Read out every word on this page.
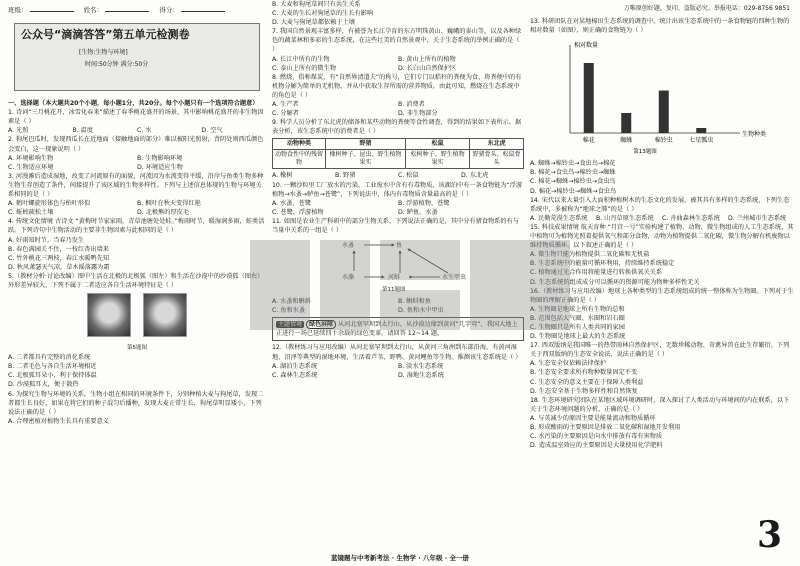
班级：	姓名：	得分：
公众号“滴滴答答”第五单元检测卷
[生物:生物与环境]
时间:50分钟 满分:50分
一、选择题（本大题共20个小题，每小题1分，共20分。每个小题只有一个选项符合题意）
1. 诗词“三月桃花开，冰雪化春来”描述了春季桃花盛开的场景，其中影响桃花盛开的非生物因素是（ ）
A. 光照	B. 温度	C. 水	D. 空气
2. 狗尾巴瓜时，发现西瓜长在近地面（接触地面的部分）难以被阳光照射，背阴处则西瓜颜色会变白，这一现象说明（ ）
A. 环境影响生物	B. 生物影响环境
C. 生物适应环境	D. 环境适应生物
3. 河漫滩后造成湿地，改变了河流原有的面貌，河流因为水流变得平缓，沿岸与鱼类生物多种生物生存创造了条件，间接提升了该区域的生物多样性。下列与上述信息体现的生物与环境关系相同的是（ ）
A. 鹤叶螺旋形体色与柏叶形似	B. 枫叶在秋天变得红艳
C. 蚯蚓疏松土壤	D. 北极熊的厚皮毛
4. 传统文化情境 古诗文 “黄梅时节家家雨，青草池塘处处蛙。”梅雨时节，暖湿润多雨，蛙类活跃。下列诗句中生物活动的主要非生物因素与此相同的是（ ）
A. 好雨知时节，当春乃发生
B. 春色满园关不住，一枝红杏出墙来
C. 竹外桃花三两枝，春江水暖鸭先知
D. 秋风萧瑟天气凉，草木摇落露为霜
5.（教材分析·讨论改编）图中生活在北极的北极狐（图左）和生活在沙漠中的沙漠狐（图右）外形差异较大，下列不属于二者适应各自生活环境特征是（ ）
第5题图
A. 二者都具有完整的消化系统
B. 二者毛色与各自生活环境相近
C. 北极狐耳朵小，利于保持体温
D. 沙漠狐耳大，便于散热
6. 为探究生物与环境的关系，生物小组在相同的环境条件下，分别种植大麦与狗尾草，发现二者都生长良好，如果在将它们的种子混匀后播种，发现大麦正常生长，狗尾草明显矮小，下列说法正确的是（ ）
A. 合理密植对植物生长具有重要意义
B. 大麦和狗尾草间只有共生关系
C. 大麦的生长对狗尾草的生长有影响
D. 大麦与狗尾草都依赖于土壤
7. 我国自然景观丰富多样，有被誉为长江孕育的东方明珠黄山、巍峨的泰山等，以及各种绿色的蔬菜林和多彩的生态系统，在这些壮美的自然景观中，关于生态系统的举例正确的是（ ）
A. 长江中所有的生物	B. 黄山上所有的植物
C. 泰山上所有的微生物	D. 长白山自然保护区
8. 燃烧，俗称煤炭，有“自然界清道夫”的称号，它们专门以秸秆的粪便为食，将粪便中的有机物分解为简单的无机物，并从中获取生存所需的营养物质，由此可知，燃烧在生态系统中的角色是（ ）
A. 生产者	B. 消费者
C. 分解者	D. 非生物部分
9. 科学人员分析了东北虎的储备和某些动物的粪便等食性调查，得到的结果如下表所示。据表分析，该生态系统中的消费者是（ ）
动物种类	野猪	松鼠	东北虎
动物食性中的残留物	橡树种子、昆虫、野生植物果实	松树种子、野生植物果实	野猪骨头、松鼠骨头
A. 橡树	B. 野猪	C. 松鼠	D. 东北虎
10. 一颗沙粒里工厂放水的污染，工业废水中含有有毒物质，该湖泊中有一条食物链为“浮游植物→水蚤→鲈鱼→苍鹭”，下列说法中，体内有毒物质含量最高的是（ ）
A. 水蚤、苍鹭	B. 浮游植物、苍鹭
C. 苍鹭、浮游植物	D. 鲈鱼、水蚤
11. 如图是农业生产科研中的部分生物关系，下列说法正确的是，其中分有猪食物系的有与当量中关系的一组是（ ）
水蚤	鱼
水藻	河蚌	水生甲虫
第11题图
A. 水蚤和蝌蚪	B. 蝌蚪和鱼
C. 鱼和水蚤	D. 鱼和水中甲虫
主题情境 绿色屏障 从河北塞罕坝到太行山，从沙漠边缘到黄河“几字弯”，我国大地上正进行一场已延续四十余载的绿色变革。请回答 12~14 题。
12.（教材练习与应用改编）从河北塞罕坝到太行山，从黄河三角洲到东部沿海，有黄河湿地、沼泽等典型的湿地环境，生活着芦苇、野鸭、黄河鲤鱼等生物。推测该生态系统是（ ）
A. 湖泊生态系统	B. 淡水生态系统
C. 森林生态系统	D. 湿地生态系统
万唯原创好题，复印、盗版必究。举报电话：029-8756 9851
13. 科研团队在对某地棉田生态系统的调查中，统计出该生态系统中的一条食物链的四种生物的相对数量（如图），则正确的食物链为（ ）
相对数量
生物种类
棉花	蜘蛛	棉铃虫	七星瓢虫
第13题图
A. 蜘蛛→棉铃虫→食虫鸟→棉花
B. 棉花→食虫鸟→棉铃虫→蜘蛛
C. 棉花→蜘蛛→棉铃虫→食虫鸟
D. 棉花→棉铃虫→蜘蛛→食虫鸟
14. 宋代以来大量引入大面积种植树木的生态文化的发展，被其具有多样的生态系统，下列生态系统中，多被称为“地球之肺”的是（ ）
A. 民勤荒漠生态系统	B. 山丹草原生态系统	C. 舟曲森林生态系统	D. 兰州城市生态系统
15. 科技成果情境 航天育种 “月宫一号”实验构建了植物、动物、微生物组成的人工生态系统，其中植物可为植物光照着提供氧气和部分食物，动物为植物提供二氧化碳，微生物分解有机废物以维持物质循环。以下叙述正确的是（ ）
A. 微生物只能为植物提供二氧化碳和无机盐
B. 生态系统中的能量可循环利用，持续维持系统稳定
C. 植物通过光合作用将能量进行转换供氧关关系
D. 生态系统的组成成分可以循环的资源可能为物种多样性无关
16.（教材练习与应用改编）地球上各种类型的生态系统组成的统一整体称为生物圈。下列对于生物圈的理解正确的是（ ）
A. 生物圈是地球上所有生物的总和
B. 范围包括大气圈、水圈和岩石圈
C. 生物圈只是所有人类共同的家园
D. 生物圈是地球上最大的生态系统
17. 西双版纳是我国唯一的热带雨林自然保护区，无数珍稀动物、奇禽异兽在此生存繁衍。下列关于西双版纳的生态安全说法，说法正确的是（ ）
A. 生态安全仅依赖法律保护
B. 生态安全要求所有物种数量固定不变
C. 生态安全的意义主要在于保障人类利益
D. 生态安全基于生物多样性和自然恢复
18. 生态环境研究团队在某地区域环境调研时，深入探讨了人类活动与环境间的内在联系，以下关于生态环境问题的分析，正确的是（ ）
A. 与英减少的原因主要是能量流动和物质循环
B. 形成酸雨的主要原因是排放二氧化碳和湿地开发利用
C. 水污染的主要原因是向水中排放有毒有害物质
D. 造成温室效应的主要原因是大量使用化学肥料
蓝镜题与中考新考法 · 生物学 · 八年级 · 全一册
3
